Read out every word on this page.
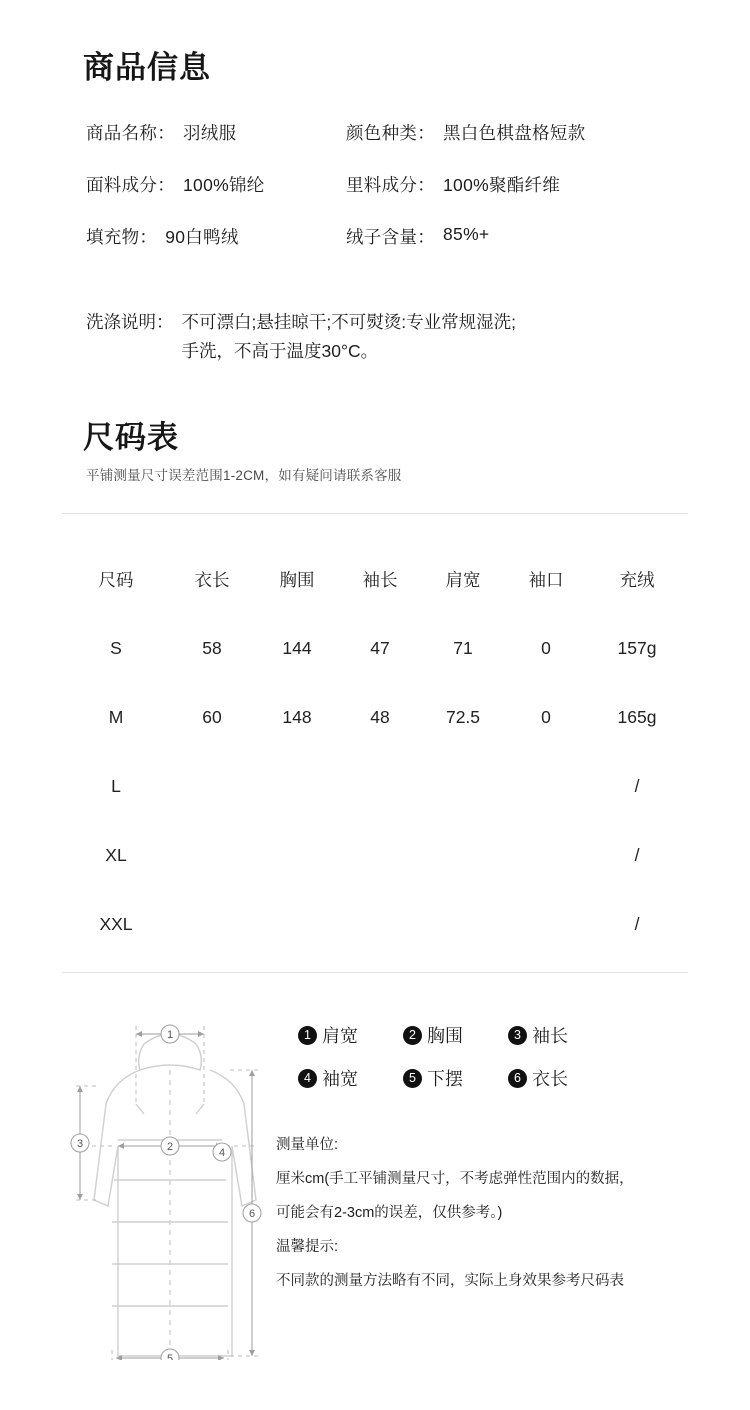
商品信息
商品名称： 羽绒服	颜色种类： 黑白色棋盘格短款
面料成分： 100%锦纶	里料成分： 100%聚酯纤维
填充物： 90白鸭绒	绒子含量： 85%+
洗涤说明： 不可漂白;悬挂晾干;不可熨烫:专业常规湿洗;
手洗，不高于温度30°C。
尺码表
平铺测量尺寸误差范围1-2CM，如有疑问请联系客服
尺码	衣长	胸围	袖长	肩宽	袖口	充绒
S	58	144	47	71	0	157g
M	60	148	48	72.5	0	165g
L						/
XL						/
XXL						/
1
2
3
4
5
6
1 肩宽	2 胸围	3 袖长
4 袖宽	5 下摆	6 衣长
测量单位:
厘米cm(手工平铺测量尺寸，不考虑弹性范围内的数据，
可能会有2-3cm的误差，仅供参考。)
温馨提示:
不同款的测量方法略有不同，实际上身效果参考尺码表
